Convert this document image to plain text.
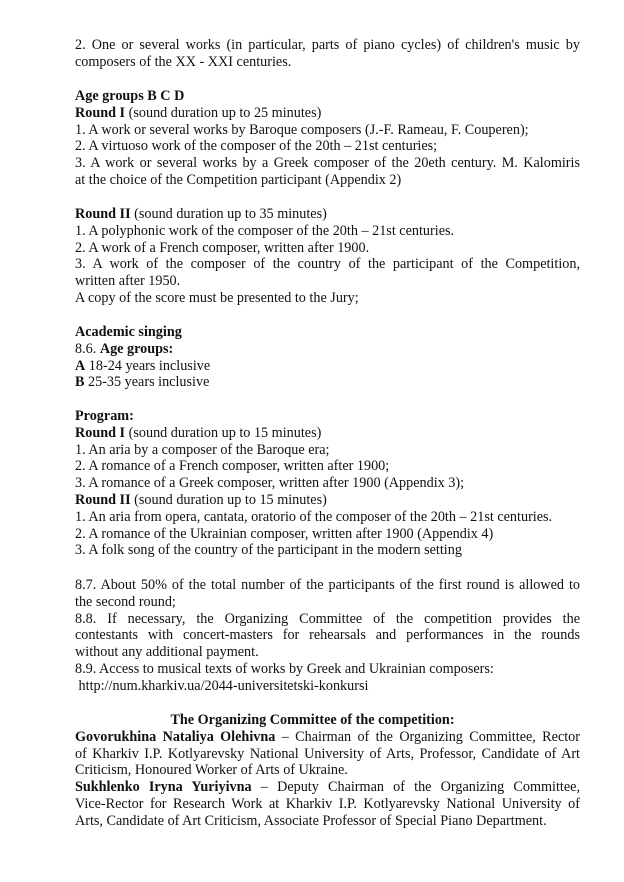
2. One or several works (in particular, parts of piano cycles) of children's music by
composers of the XX - XXI centuries.
Age groups B C D
Round I (sound duration up to 25 minutes)
1. A work or several works by Baroque composers (J.-F. Rameau, F. Couperen);
2. A virtuoso work of the composer of the 20th – 21st centuries;
3. A work or several works by a Greek composer of the 20eth century. M. Kalomiris
at the choice of the Competition participant (Appendix 2)
Round II (sound duration up to 35 minutes)
1. A polyphonic work of the composer of the 20th – 21st centuries.
2. A work of a French composer, written after 1900.
3. A work of the composer of the country of the participant of the Competition,
written after 1950.
A copy of the score must be presented to the Jury;
Academic singing
8.6. Age groups:
A 18-24 years inclusive
B 25-35 years inclusive
Program:
Round I (sound duration up to 15 minutes)
1. An aria by a composer of the Baroque era;
2. A romance of a French composer, written after 1900;
3. A romance of a Greek composer, written after 1900 (Appendix 3);
Round II (sound duration up to 15 minutes)
1. An aria from opera, cantata, oratorio of the composer of the 20th – 21st centuries.
2. A romance of the Ukrainian composer, written after 1900 (Appendix 4)
3. A folk song of the country of the participant in the modern setting
8.7. About 50% of the total number of the participants of the first round is allowed to
the second round;
8.8. If necessary, the Organizing Committee of the competition provides the
contestants with concert-masters for rehearsals and performances in the rounds
without any additional payment.
8.9. Access to musical texts of works by Greek and Ukrainian composers:
http://num.kharkiv.ua/2044-universitetski-konkursi
The Organizing Committee of the competition:
Govorukhina Nataliya Olehivna – Chairman of the Organizing Committee, Rector
of Kharkiv I.P. Kotlyarevsky National University of Arts, Professor, Candidate of Art
Criticism, Honoured Worker of Arts of Ukraine.
Sukhlenko Iryna Yuriyivna – Deputy Chairman of the Organizing Committee,
Vice-Rector for Research Work at Kharkiv I.P. Kotlyarevsky National University of
Arts, Candidate of Art Criticism, Associate Professor of Special Piano Department.
